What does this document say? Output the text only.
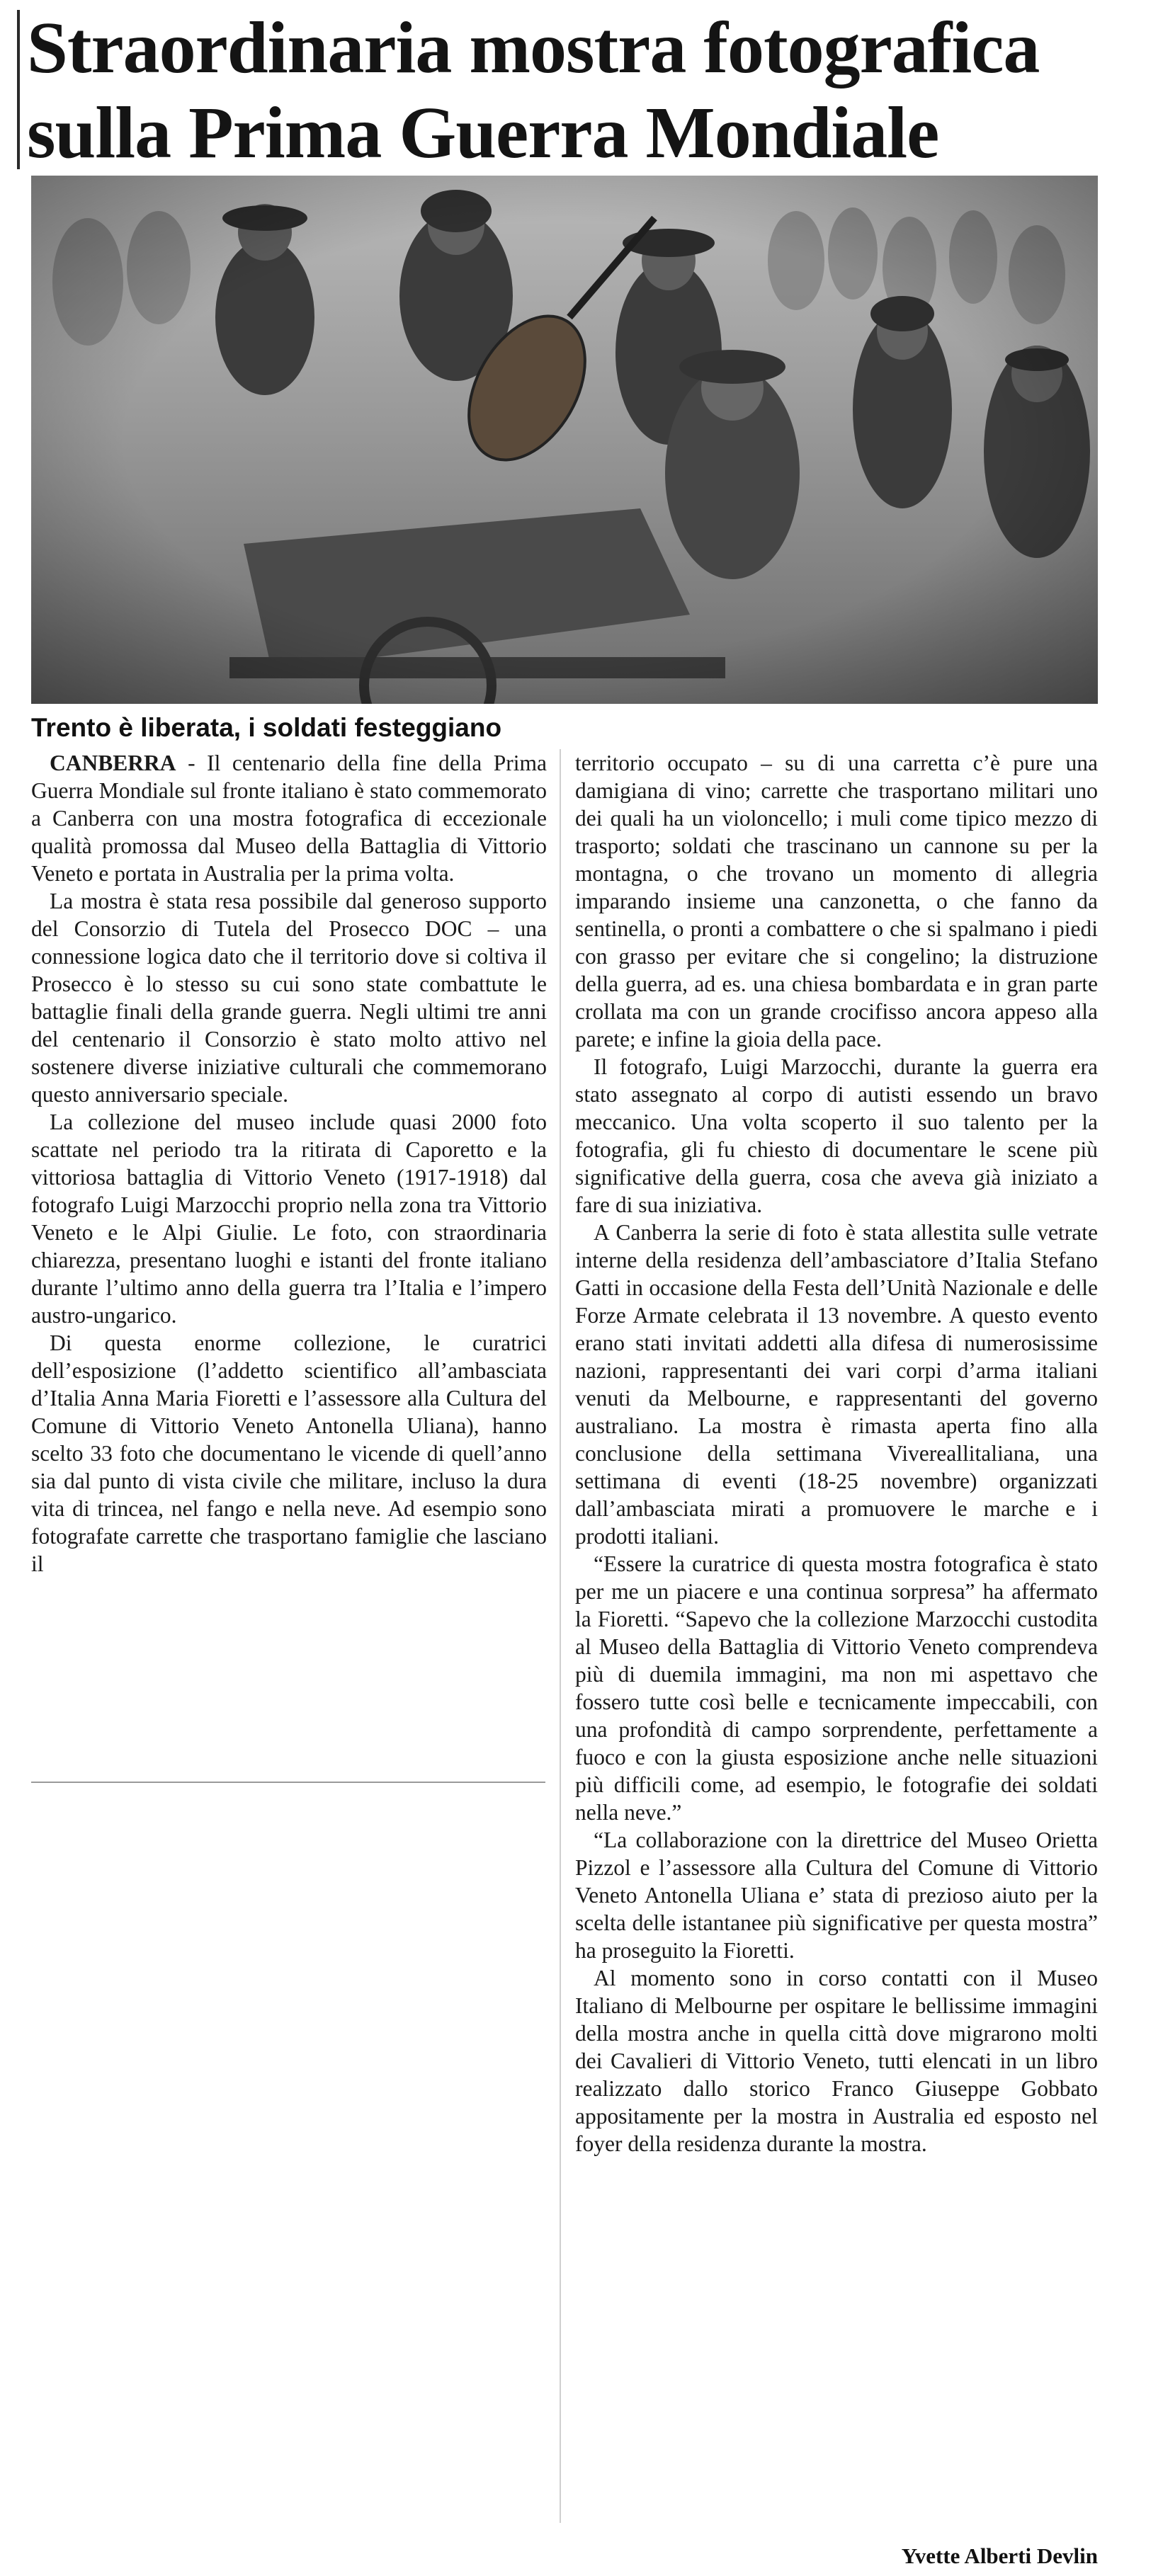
Straordinaria mostra fotografica sulla Prima Guerra Mondiale
Trento è liberata, i soldati festeggiano

CANBERRA - Il centenario della fine della Prima Guerra Mondiale sul fronte italiano è stato commemorato a Canberra con una mostra fotografica di eccezionale qualità promossa dal Museo della Battaglia di Vittorio Veneto e portata in Australia per la prima volta.

La mostra è stata resa possibile dal generoso supporto del Consorzio di Tutela del Prosecco DOC – una connessione logica dato che il territorio dove si coltiva il Prosecco è lo stesso su cui sono state combattute le battaglie finali della grande guerra. Negli ultimi tre anni del centenario il Consorzio è stato molto attivo nel sostenere diverse iniziative culturali che commemorano questo anniversario speciale.

La collezione del museo include quasi 2000 foto scattate nel periodo tra la ritirata di Caporetto e la vittoriosa battaglia di Vittorio Veneto (1917-1918) dal fotografo Luigi Marzocchi proprio nella zona tra Vittorio Veneto e le Alpi Giulie. Le foto, con straordinaria chiarezza, presentano luoghi e istanti del fronte italiano durante l’ultimo anno della guerra tra l’Italia e l’impero austro-ungarico.

Di questa enorme collezione, le curatrici dell’esposizione (l’addetto scientifico all’ambasciata d’Italia Anna Maria Fioretti e l’assessore alla Cultura del Comune di Vittorio Veneto Antonella Uliana), hanno scelto 33 foto che documentano le vicende di quell’anno sia dal punto di vista civile che militare, incluso la dura vita di trincea, nel fango e nella neve. Ad esempio sono fotografate carrette che trasportano famiglie che lasciano il

territorio occupato – su di una carretta c’è pure una damigiana di vino; carrette che trasportano militari uno dei quali ha un violoncello; i muli come tipico mezzo di trasporto; soldati che trascinano un cannone su per la montagna, o che trovano un momento di allegria imparando insieme una canzonetta, o che fanno da sentinella, o pronti a combattere o che si spalmano i piedi con grasso per evitare che si congelino; la distruzione della guerra, ad es. una chiesa bombardata e in gran parte crollata ma con un grande crocifisso ancora appeso alla parete; e infine la gioia della pace.

Il fotografo, Luigi Marzocchi, durante la guerra era stato assegnato al corpo di autisti essendo un bravo meccanico. Una volta scoperto il suo talento per la fotografia, gli fu chiesto di documentare le scene più significative della guerra, cosa che aveva già iniziato a fare di sua iniziativa.

A Canberra la serie di foto è stata allestita sulle vetrate interne della residenza dell’ambasciatore d’Italia Stefano Gatti in occasione della Festa dell’Unità Nazionale e delle Forze Armate celebrata il 13 novembre. A questo evento erano stati invitati addetti alla difesa di numerosissime nazioni, rappresentanti dei vari corpi d’arma italiani venuti da Melbourne, e rappresentanti del governo australiano. La mostra è rimasta aperta fino alla conclusione della settimana Vivereallitaliana, una settimana di eventi (18-25 novembre) organizzati dall’ambasciata mirati a promuovere le marche e i prodotti italiani.

“Essere la curatrice di questa mostra fotografica è stato per me un piacere e una continua sorpresa” ha affermato la Fioretti. “Sapevo che la collezione Marzocchi custodita al Museo della Battaglia di Vittorio Veneto comprendeva più di duemila immagini, ma non mi aspettavo che fossero tutte così belle e tecnicamente impeccabili, con una profondità di campo sorprendente, perfettamente a fuoco e con la giusta esposizione anche nelle situazioni più difficili come, ad esempio, le fotografie dei soldati nella neve.”

“La collaborazione con la direttrice del Museo Orietta Pizzol e l’assessore alla Cultura del Comune di Vittorio Veneto Antonella Uliana e’ stata di prezioso aiuto per la scelta delle istantanee più significative per questa mostra” ha proseguito la Fioretti.

Al momento sono in corso contatti con il Museo Italiano di Melbourne per ospitare le bellissime immagini della mostra anche in quella città dove migrarono molti dei Cavalieri di Vittorio Veneto, tutti elencati in un libro realizzato dallo storico Franco Giuseppe Gobbato appositamente per la mostra in Australia ed esposto nel foyer della residenza durante la mostra.

Yvette Alberti Devlin
